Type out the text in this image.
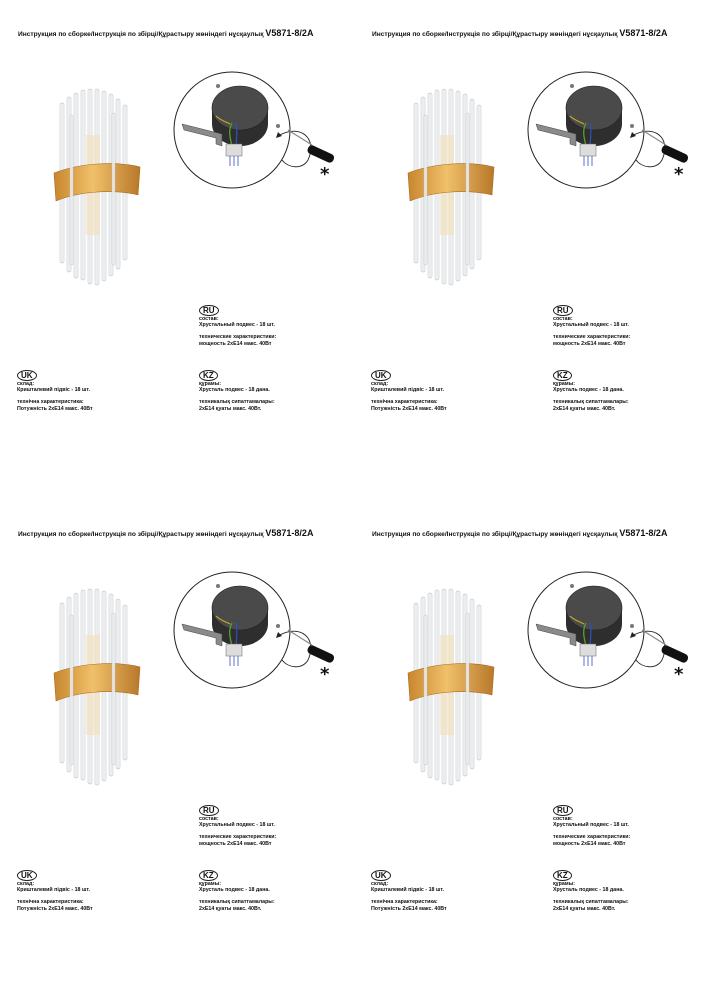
Инструкция по сборке/Інструкція по збірці/Құрастыру жөніндегі нұсқаулық V5871-8/2A
RU
состав:
Хрустальный подвес - 18 шт.
технические характеристики:
мощность 2хЕ14 макс. 40Вт
UK
склад:
Кришталевий підвіс - 18 шт.
технічна характеристика:
Потужність 2хЕ14 макс. 40Вт
KZ
құрамы:
Хрусталь подвес - 18 дана.
техникалық сипаттамалары:
2хЕ14 қуаты макс. 40Вт.
Инструкция по сборке/Інструкція по збірці/Құрастыру жөніндегі нұсқаулық V5871-8/2A
RU
состав:
Хрустальный подвес - 18 шт.
технические характеристики:
мощность 2хЕ14 макс. 40Вт
UK
склад:
Кришталевий підвіс - 18 шт.
технічна характеристика:
Потужність 2хЕ14 макс. 40Вт
KZ
құрамы:
Хрусталь подвес - 18 дана.
техникалық сипаттамалары:
2хЕ14 қуаты макс. 40Вт.
Инструкция по сборке/Інструкція по збірці/Құрастыру жөніндегі нұсқаулық V5871-8/2A
RU
состав:
Хрустальный подвес - 18 шт.
технические характеристики:
мощность 2хЕ14 макс. 40Вт
UK
склад:
Кришталевий підвіс - 18 шт.
технічна характеристика:
Потужність 2хЕ14 макс. 40Вт
KZ
құрамы:
Хрусталь подвес - 18 дана.
техникалық сипаттамалары:
2хЕ14 қуаты макс. 40Вт.
Инструкция по сборке/Інструкція по збірці/Құрастыру жөніндегі нұсқаулық V5871-8/2A
RU
состав:
Хрустальный подвес - 18 шт.
технические характеристики:
мощность 2хЕ14 макс. 40Вт
UK
склад:
Кришталевий підвіс - 18 шт.
технічна характеристика:
Потужність 2хЕ14 макс. 40Вт
KZ
құрамы:
Хрусталь подвес - 18 дана.
техникалық сипаттамалары:
2хЕ14 қуаты макс. 40Вт.
